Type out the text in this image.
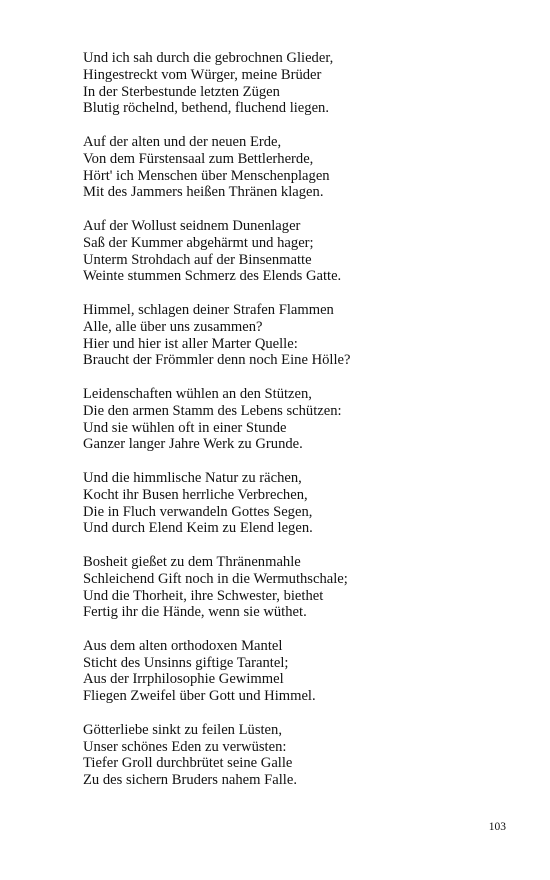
Und ich sah durch die gebrochnen Glieder,
Hingestreckt vom Würger, meine Brüder
In der Sterbestunde letzten Zügen
Blutig röchelnd, bethend, fluchend liegen.
Auf der alten und der neuen Erde,
Von dem Fürstensaal zum Bettlerherde,
Hört' ich Menschen über Menschenplagen
Mit des Jammers heißen Thränen klagen.
Auf der Wollust seidnem Dunenlager
Saß der Kummer abgehärmt und hager;
Unterm Strohdach auf der Binsenmatte
Weinte stummen Schmerz des Elends Gatte.
Himmel, schlagen deiner Strafen Flammen
Alle, alle über uns zusammen?
Hier und hier ist aller Marter Quelle:
Braucht der Frömmler denn noch Eine Hölle?
Leidenschaften wühlen an den Stützen,
Die den armen Stamm des Lebens schützen:
Und sie wühlen oft in einer Stunde
Ganzer langer Jahre Werk zu Grunde.
Und die himmlische Natur zu rächen,
Kocht ihr Busen herrliche Verbrechen,
Die in Fluch verwandeln Gottes Segen,
Und durch Elend Keim zu Elend legen.
Bosheit gießet zu dem Thränenmahle
Schleichend Gift noch in die Wermuthschale;
Und die Thorheit, ihre Schwester, biethet
Fertig ihr die Hände, wenn sie wüthet.
Aus dem alten orthodoxen Mantel
Sticht des Unsinns giftige Tarantel;
Aus der Irrphilosophie Gewimmel
Fliegen Zweifel über Gott und Himmel.
Götterliebe sinkt zu feilen Lüsten,
Unser schönes Eden zu verwüsten:
Tiefer Groll durchbrütet seine Galle
Zu des sichern Bruders nahem Falle.
103
